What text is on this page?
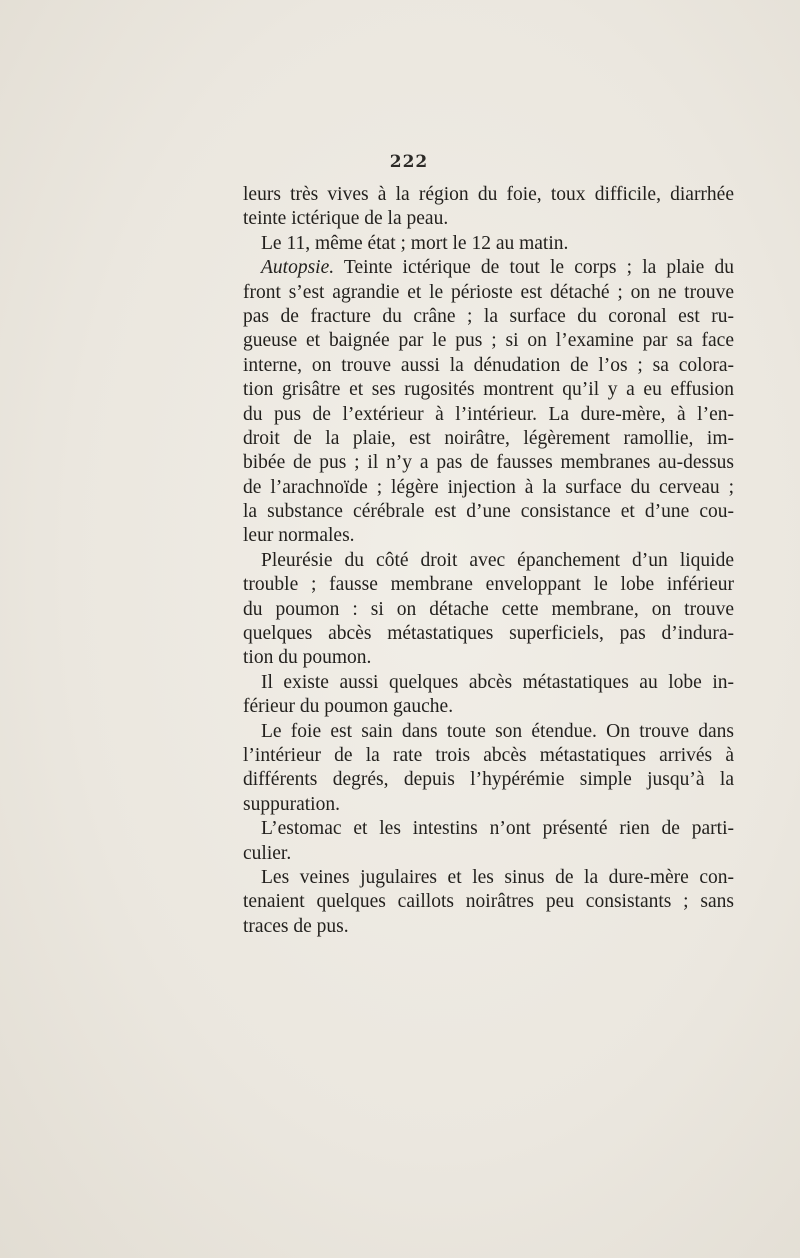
222
leurs très vives à la région du foie, toux difficile, diarrhée
teinte ictérique de la peau.
Le 11, même état ; mort le 12 au matin.
Autopsie. Teinte ictérique de tout le corps ; la plaie du
front s’est agrandie et le périoste est détaché ; on ne trouve
pas de fracture du crâne ; la surface du coronal est ru-
gueuse et baignée par le pus ; si on l’examine par sa face
interne, on trouve aussi la dénudation de l’os ; sa colora-
tion grisâtre et ses rugosités montrent qu’il y a eu effusion
du pus de l’extérieur à l’intérieur. La dure-mère, à l’en-
droit de la plaie, est noirâtre, légèrement ramollie, im-
bibée de pus ; il n’y a pas de fausses membranes au-dessus
de l’arachnoïde ; légère injection à la surface du cerveau ;
la substance cérébrale est d’une consistance et d’une cou-
leur normales.
Pleurésie du côté droit avec épanchement d’un liquide
trouble ; fausse membrane enveloppant le lobe inférieur
du poumon : si on détache cette membrane, on trouve
quelques abcès métastatiques superficiels, pas d’indura-
tion du poumon.
Il existe aussi quelques abcès métastatiques au lobe in-
férieur du poumon gauche.
Le foie est sain dans toute son étendue. On trouve dans
l’intérieur de la rate trois abcès métastatiques arrivés à
différents degrés, depuis l’hypérémie simple jusqu’à la
suppuration.
L’estomac et les intestins n’ont présenté rien de parti-
culier.
Les veines jugulaires et les sinus de la dure-mère con-
tenaient quelques caillots noirâtres peu consistants ; sans
traces de pus.
